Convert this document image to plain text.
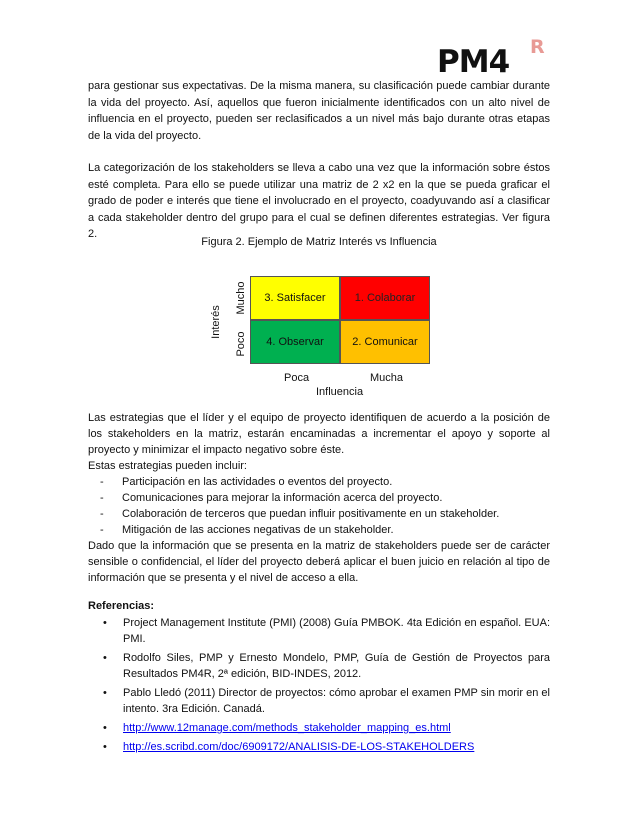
PM4 R

para gestionar sus expectativas. De la misma manera, su clasificación puede cambiar durante la vida del proyecto. Así, aquellos que fueron inicialmente identificados con un alto nivel de influencia en el proyecto, pueden ser reclasificados a un nivel más bajo durante otras etapas de la vida del proyecto.

La categorización de los stakeholders se lleva a cabo una vez que la información sobre éstos esté completa. Para ello se puede utilizar una matriz de 2 x2 en la que se pueda graficar el grado de poder e interés que tiene el involucrado en el proyecto, coadyuvando así a clasificar a cada stakeholder dentro del grupo para el cual se definen diferentes estrategias. Ver figura 2.

Figura 2. Ejemplo de Matriz Interés vs Influencia
Interés
Mucho
Poco
3. Satisfacer	1. Colaborar
4. Observar	2. Comunicar
Poca	Mucha
Influencia

Las estrategias que el líder y el equipo de proyecto identifiquen de acuerdo a la posición de los stakeholders en la matriz, estarán encaminadas a incrementar el apoyo y soporte al proyecto y minimizar el impacto negativo sobre éste.

Estas estrategias pueden incluir:

- Participación en las actividades o eventos del proyecto.
- Comunicaciones para mejorar la información acerca del proyecto.
- Colaboración de terceros que puedan influir positivamente en un stakeholder.
- Mitigación de las acciones negativas de un stakeholder.

Dado que la información que se presenta en la matriz de stakeholders puede ser de carácter sensible o confidencial, el líder del proyecto deberá aplicar el buen juicio en relación al tipo de información que se presenta y el nivel de acceso a ella.

Referencias:
• Project Management Institute (PMI) (2008) Guía PMBOK. 4ta Edición en español. EUA: PMI.
• Rodolfo Siles, PMP y Ernesto Mondelo, PMP, Guía de Gestión de Proyectos para Resultados PM4R, 2ª edición, BID-INDES, 2012.
• Pablo Lledó (2011) Director de proyectos: cómo aprobar el examen PMP sin morir en el intento. 3ra Edición. Canadá.
• http://www.12manage.com/methods_stakeholder_mapping_es.html
• http://es.scribd.com/doc/6909172/ANALISIS-DE-LOS-STAKEHOLDERS
